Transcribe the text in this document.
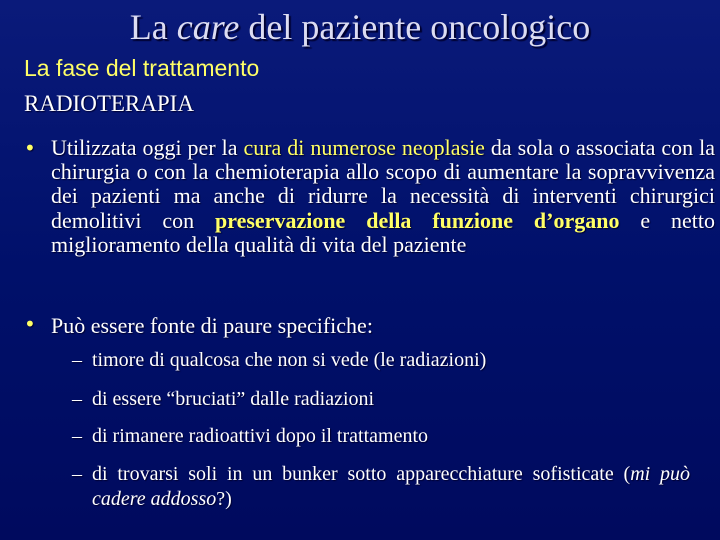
La care del paziente oncologico
La fase del trattamento
RADIOTERAPIA
• Utilizzata oggi per la cura di numerose neoplasie da sola o associata con la chirurgia o con la chemioterapia allo scopo di aumentare la sopravvivenza dei pazienti ma anche di ridurre la necessità di interventi chirurgici demolitivi con preservazione della funzione d’organo e netto miglioramento della qualità di vita del paziente
• Può essere fonte di paure specifiche:
– timore di qualcosa che non si vede (le radiazioni)
– di essere “bruciati” dalle radiazioni
– di rimanere radioattivi dopo il trattamento
– di trovarsi soli in un bunker sotto apparecchiature sofisticate (mi può cadere addosso?)
